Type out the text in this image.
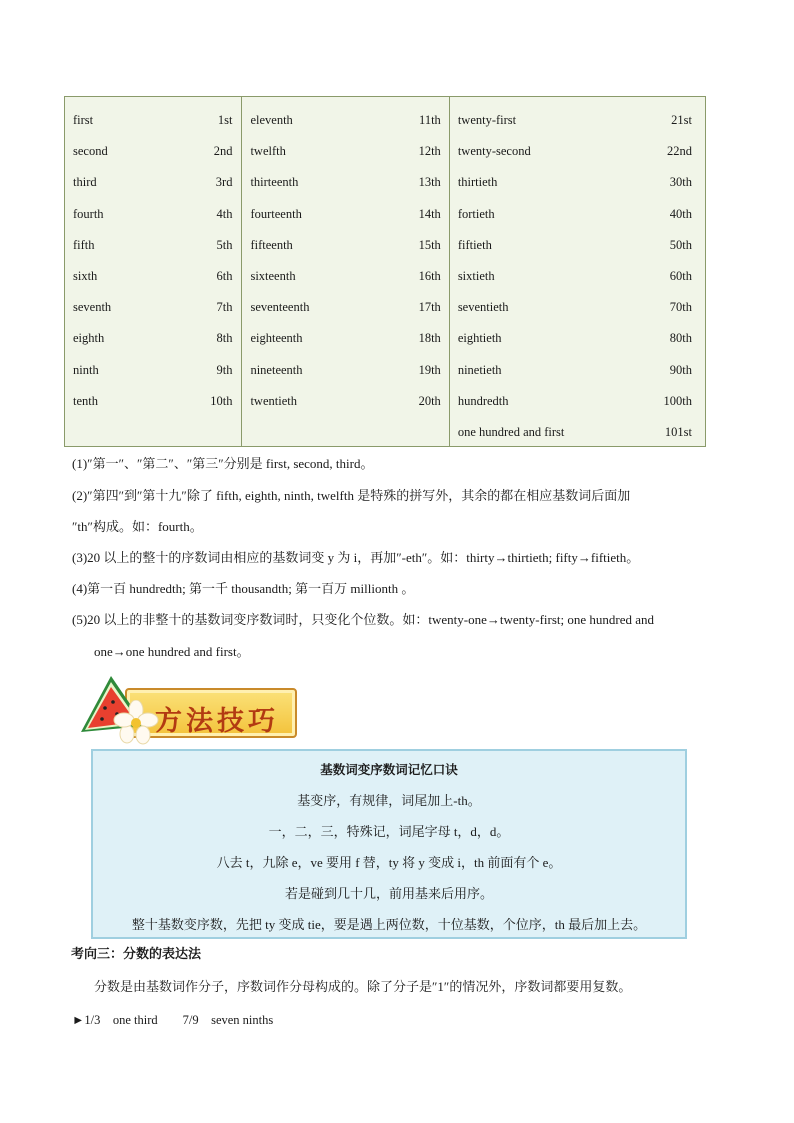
first	1st
second	2nd
third	3rd
fourth	4th
fifth	5th
sixth	6th
seventh	7th
eighth	8th
ninth	9th
tenth	10th
eleventh	11th
twelfth	12th
thirteenth	13th
fourteenth	14th
fifteenth	15th
sixteenth	16th
seventeenth	17th
eighteenth	18th
nineteenth	19th
twentieth	20th
twenty-first	21st
twenty-second	22nd
thirtieth	30th
fortieth	40th
fiftieth	50th
sixtieth	60th
seventieth	70th
eightieth	80th
ninetieth	90th
hundredth	100th
one hundred and first	101st
(1)″第一″、″第二″、″第三″分别是 first, second, third。
(2)″第四″到″第十九″除了 fifth, eighth, ninth, twelfth 是特殊的拼写外，其余的都在相应基数词后面加
″th″构成。如：fourth。
(3)20 以上的整十的序数词由相应的基数词变 y 为 i，再加″-eth″。如：thirty→thirtieth; fifty→fiftieth。
(4)第一百 hundredth; 第一千 thousandth; 第一百万 millionth 。
(5)20 以上的非整十的基数词变序数词时，只变化个位数。如：twenty-one→twenty-first; one hundred and
one→one hundred and first。
方法技巧
基数词变序数词记忆口诀
基变序，有规律，词尾加上-th。
一，二，三，特殊记，词尾字母 t，d，d。
八去 t，九除 e，ve 要用 f 替，ty 将 y 变成 i，th 前面有个 e。
若是碰到几十几，前用基来后用序。
整十基数变序数，先把 ty 变成 tie，要是遇上两位数，十位基数，个位序，th 最后加上去。
考向三：分数的表达法
分数是由基数词作分子，序数词作分母构成的。除了分子是″1″的情况外，序数词都要用复数。
►1/3    one third        7/9    seven ninths
